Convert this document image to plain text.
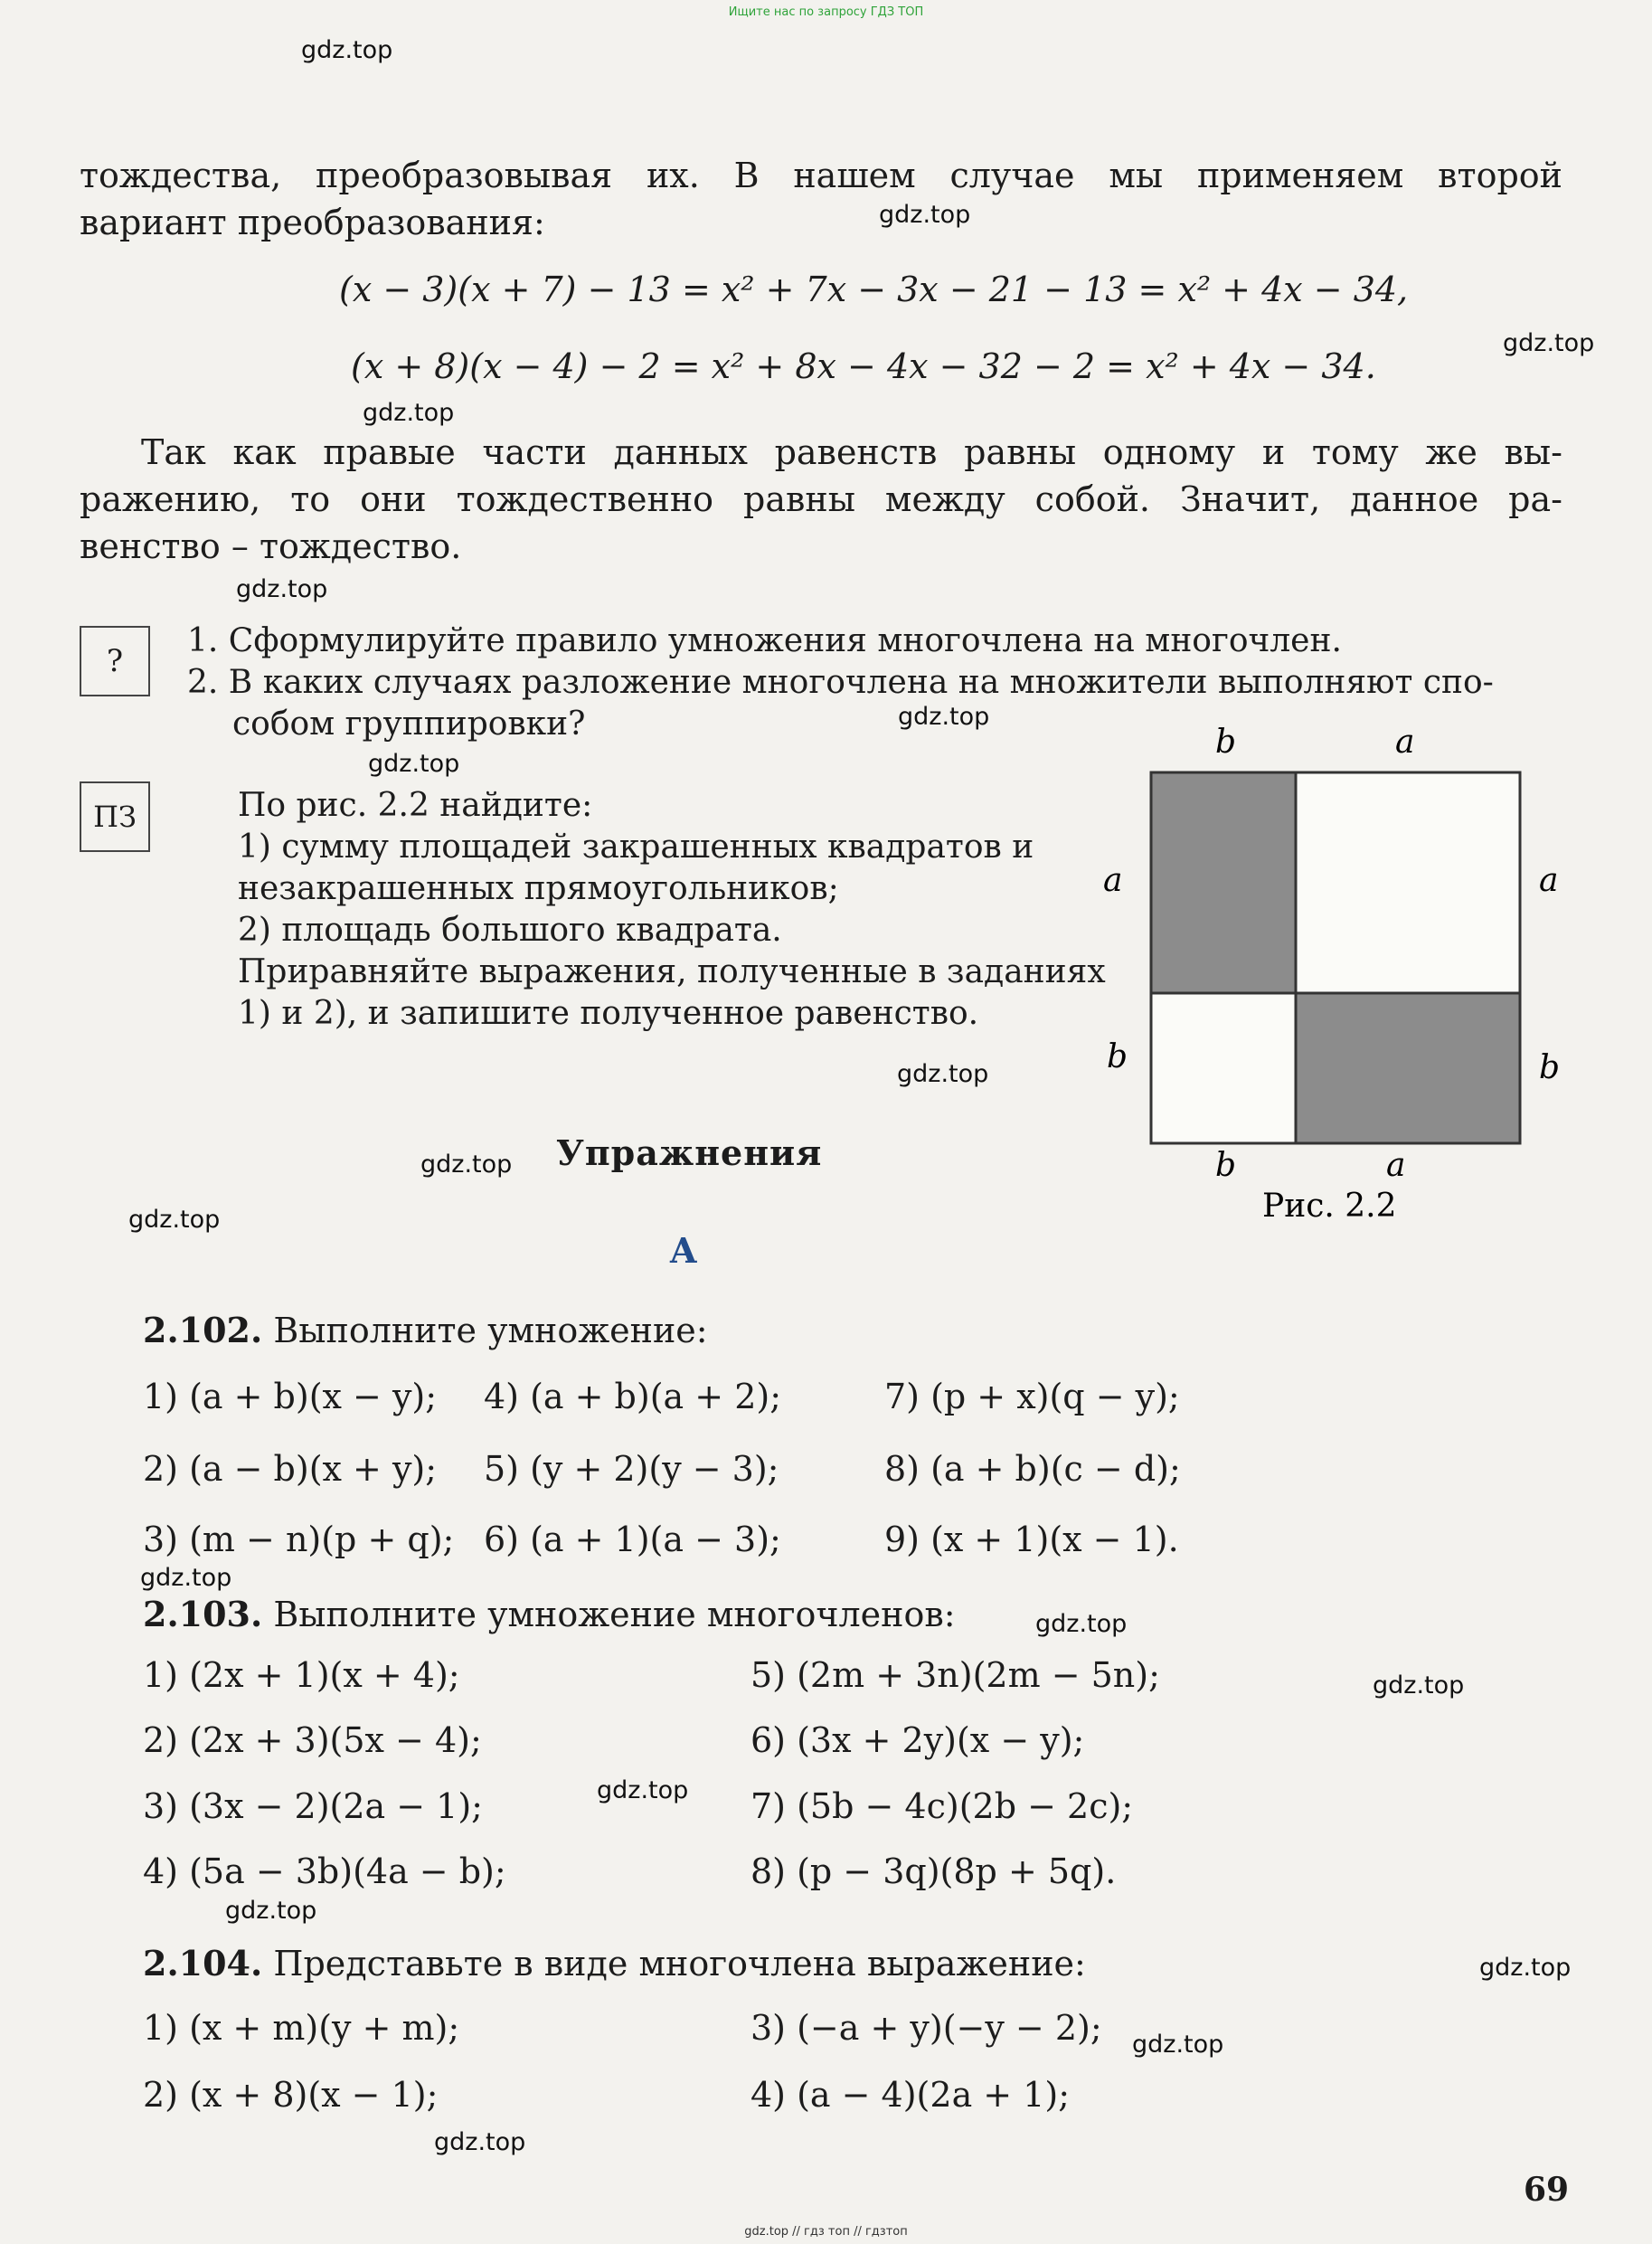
Ищите нас по запросу ГДЗ ТОП
gdz.top // гдз топ // гдзтоп
gdz.top
gdz.top
gdz.top
gdz.top
gdz.top
gdz.top
gdz.top
gdz.top
gdz.top
gdz.top
gdz.top
gdz.top
gdz.top
gdz.top
gdz.top
gdz.top
gdz.top
gdz.top
тождества, преобразовывая их. В нашем случае мы применяем второй
вариант преобразования:
(x − 3)(x + 7) − 13 = x² + 7x − 3x − 21 − 13 = x² + 4x − 34,
(x + 8)(x − 4) − 2 = x² + 8x − 4x − 32 − 2 = x² + 4x − 34.
Так как правые части данных равенств равны одному и тому же вы-
ражению, то они тождественно равны между собой. Значит, данное ра-
венство – тождество.
?
1. Сформулируйте правило умножения многочлена на многочлен.
2. В каких случаях разложение многочлена на множители выполняют спо-
собом группировки?
ПЗ	По рис. 2.2 найдите:
1) сумму площадей закрашенных квадратов и
незакрашенных прямоугольников;
2) площадь большого квадрата.
Приравняйте выражения, полученные в заданиях
1) и 2), и запишите полученное равенство.
b	a
a
b
a
b
b	a
Рис. 2.2
Упражнения
A
2.102. Выполните умножение:
1) (a + b)(x − y); 4) (a + b)(a + 2);	7) (p + x)(q − y);
2) (a − b)(x + y); 5) (y + 2)(y − 3);	8) (a + b)(c − d);
3) (m − n)(p + q); 6) (a + 1)(a − 3);	9) (x + 1)(x − 1).
2.103. Выполните умножение многочленов:
1) (2x + 1)(x + 4);	5) (2m + 3n)(2m − 5n);
2) (2x + 3)(5x − 4);	6) (3x + 2y)(x − y);
3) (3x − 2)(2a − 1);	7) (5b − 4c)(2b − 2c);
4) (5a − 3b)(4a − b);	8) (p − 3q)(8p + 5q).
2.104. Представьте в виде многочлена выражение:
1) (x + m)(y + m);	3) (−a + y)(−y − 2);
2) (x + 8)(x − 1);	4) (a − 4)(2a + 1);
69
